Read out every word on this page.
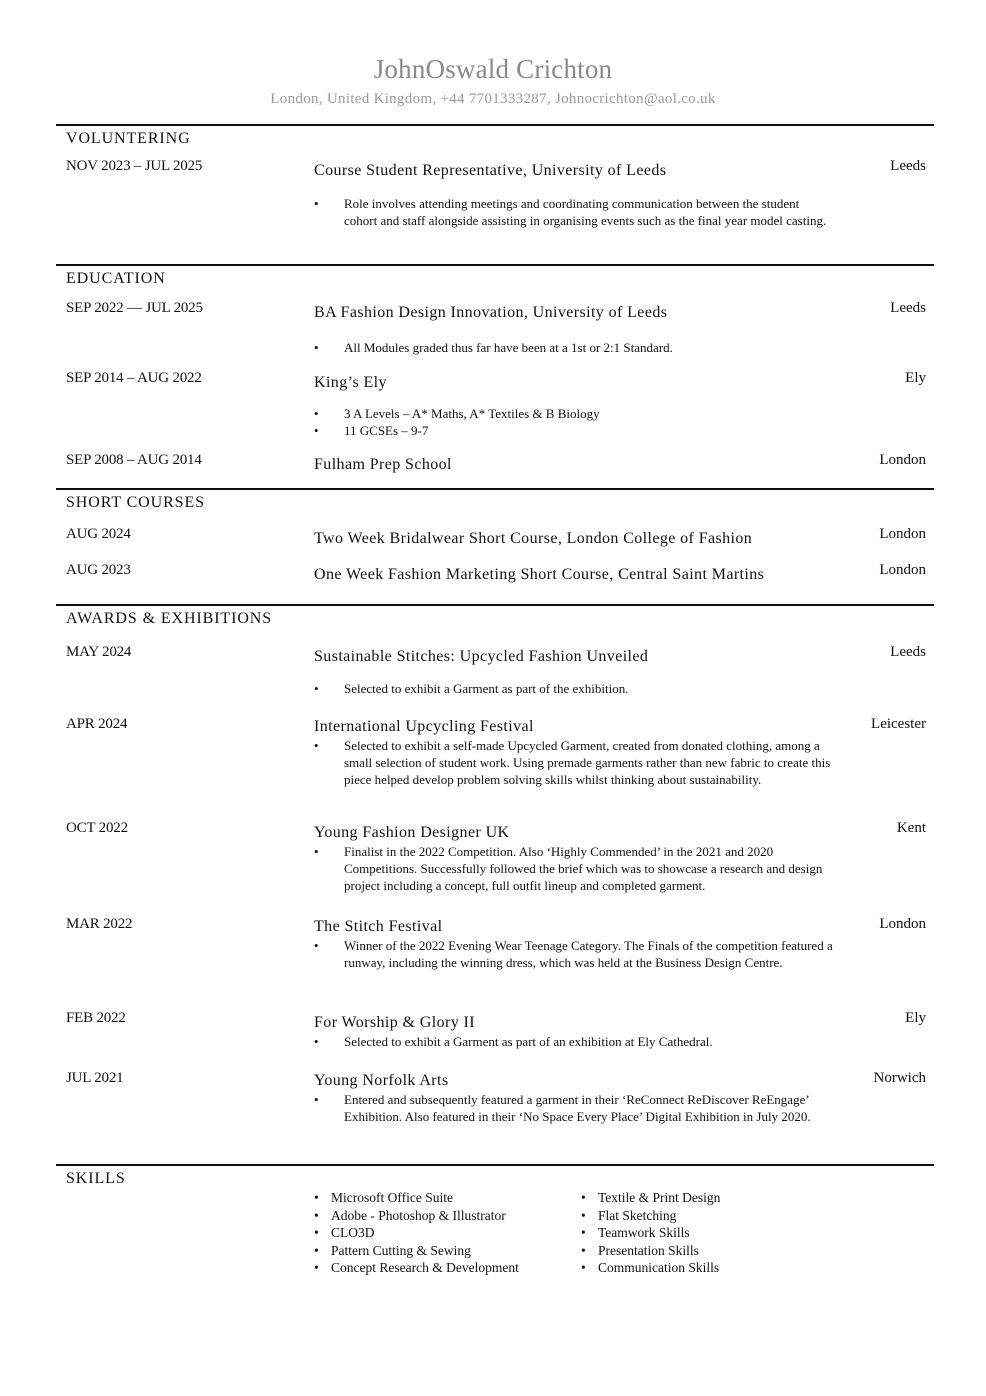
JohnOswald Crichton
London, United Kingdom, +44 7701333287, Johnocrichton@aol.co.uk
VOLUNTERING
NOV 2023 – JUL 2025	Course Student Representative, University of Leeds	Leeds
• Role involves attending meetings and coordinating communication between the student cohort and staff alongside assisting in organising events such as the final year model casting.
EDUCATION
SEP 2022 — JUL 2025	BA Fashion Design Innovation, University of Leeds	Leeds
• All Modules graded thus far have been at a 1st or 2:1 Standard.
SEP 2014 – AUG 2022	King’s Ely	Ely
• 3 A Levels – A* Maths, A* Textiles & B Biology
• 11 GCSEs – 9-7
SEP 2008 – AUG 2014	Fulham Prep School	London
SHORT COURSES
AUG 2024	Two Week Bridalwear Short Course, London College of Fashion	London
AUG 2023	One Week Fashion Marketing Short Course, Central Saint Martins	London
AWARDS & EXHIBITIONS
MAY 2024	Sustainable Stitches: Upcycled Fashion Unveiled	Leeds
• Selected to exhibit a Garment as part of the exhibition.
APR 2024	International Upcycling Festival	Leicester
• Selected to exhibit a self-made Upcycled Garment, created from donated clothing, among a small selection of student work. Using premade garments rather than new fabric to create this piece helped develop problem solving skills whilst thinking about sustainability.
OCT 2022	Young Fashion Designer UK	Kent
• Finalist in the 2022 Competition. Also ‘Highly Commended’ in the 2021 and 2020 Competitions. Successfully followed the brief which was to showcase a research and design project including a concept, full outfit lineup and completed garment.
MAR 2022	The Stitch Festival	London
• Winner of the 2022 Evening Wear Teenage Category. The Finals of the competition featured a runway, including the winning dress, which was held at the Business Design Centre.
FEB 2022	For Worship & Glory II	Ely
• Selected to exhibit a Garment as part of an exhibition at Ely Cathedral.
JUL 2021	Young Norfolk Arts	Norwich
• Entered and subsequently featured a garment in their ‘ReConnect ReDiscover ReEngage’ Exhibition. Also featured in their ‘No Space Every Place’ Digital Exhibition in July 2020.
SKILLS
• Microsoft Office Suite
• Adobe - Photoshop & Illustrator
• CLO3D
• Pattern Cutting & Sewing
• Concept Research & Development
• Textile & Print Design
• Flat Sketching
• Teamwork Skills
• Presentation Skills
• Communication Skills
